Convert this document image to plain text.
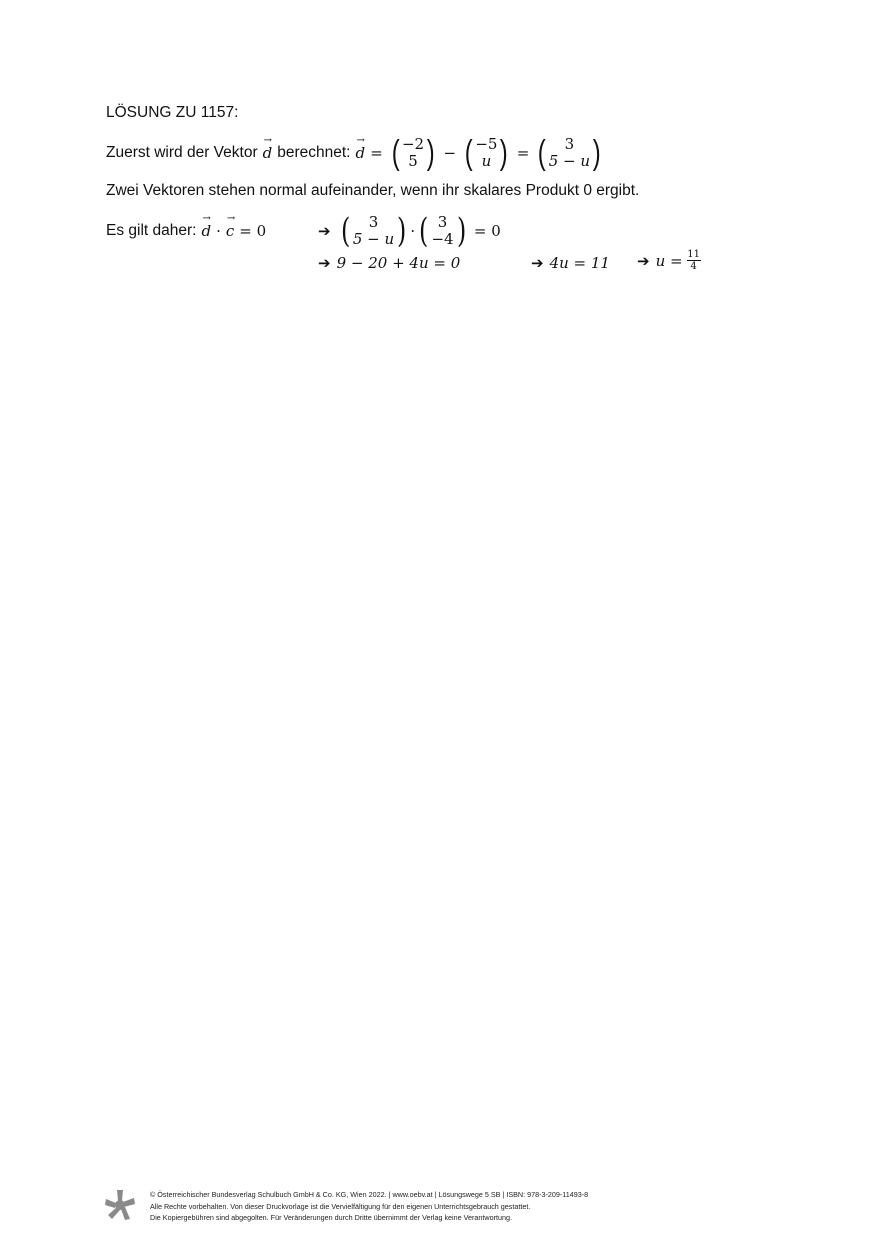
LÖSUNG ZU 1157:
Zuerst wird der Vektor
→
d berechnet:
→
d = ( −2
5 ) − ( −5
u ) = ( 3
5 − u )
Zwei Vektoren stehen normal aufeinander, wenn ihr skalares Produkt 0 ergibt.
Es gilt daher:
→
d ·
→
c = 0	➔ ( 3
5 − u ) · ( 3
−4 ) = 0
➔ 9 − 20 + 4u = 0	➔ 4u = 11 ➔ $u = \frac{11}{4}$
© Österreichischer Bundesverlag Schulbuch GmbH & Co. KG, Wien 2022. | www.oebv.at | Lösungswege 5 SB | ISBN: 978-3-209-11493-8
Alle Rechte vorbehalten. Von dieser Druckvorlage ist die Vervielfältigung für den eigenen Unterrichtsgebrauch gestattet.
Die Kopiergebühren sind abgegolten. Für Veränderungen durch Dritte übernimmt der Verlag keine Verantwortung.
